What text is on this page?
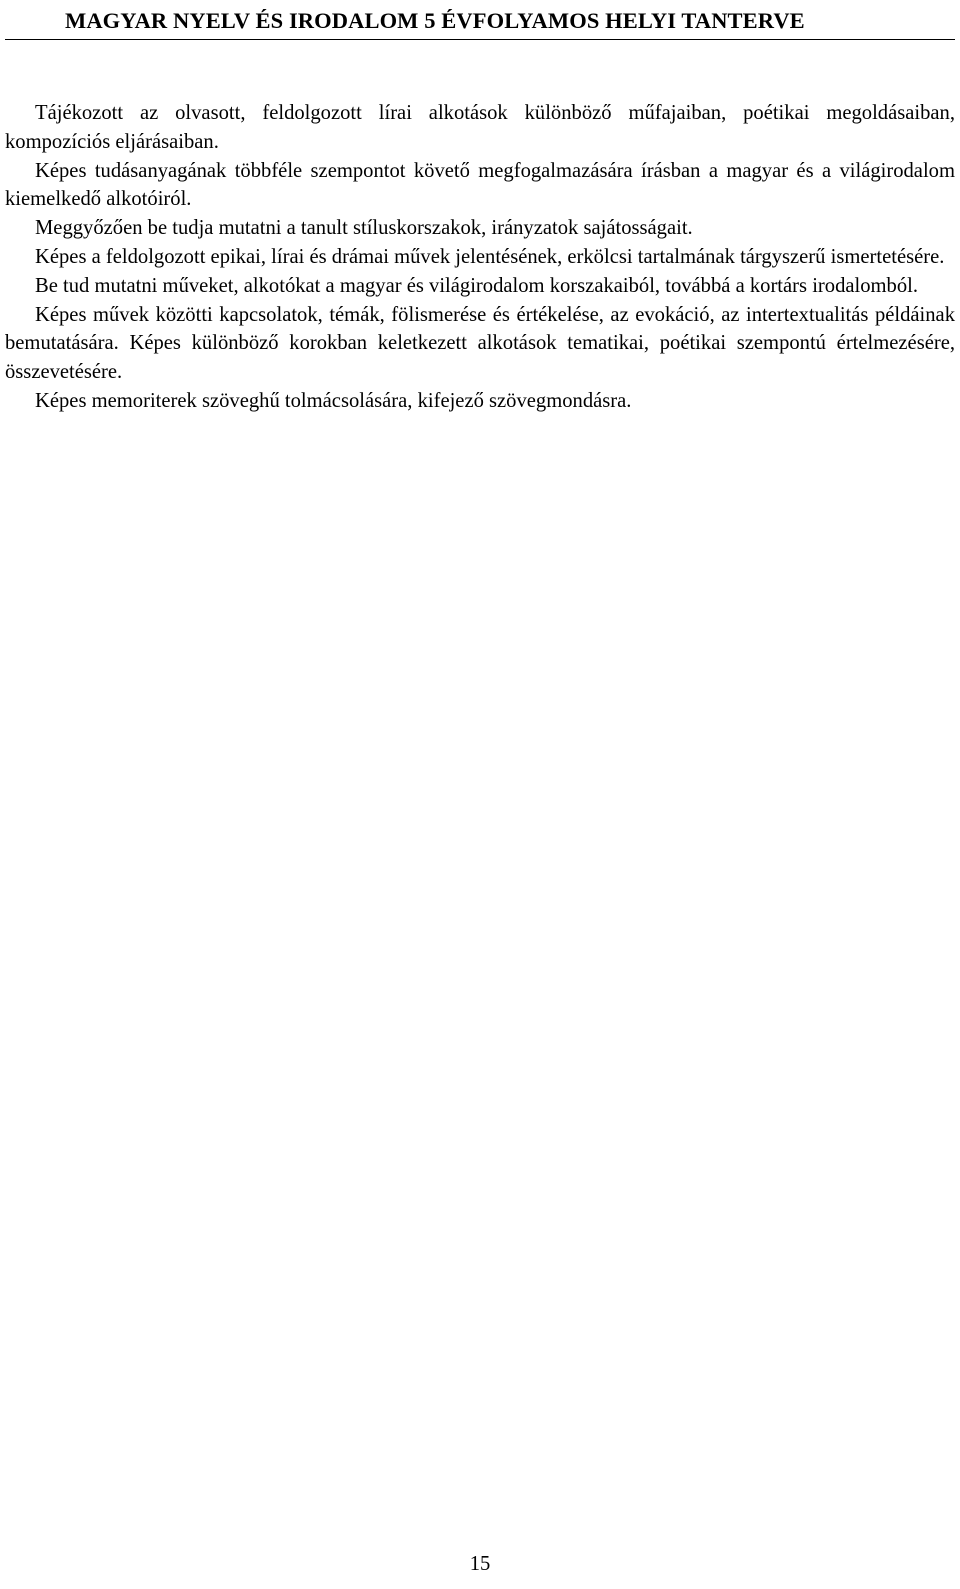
MAGYAR NYELV ÉS IRODALOM 5 ÉVFOLYAMOS HELYI TANTERVE

Tájékozott az olvasott, feldolgozott lírai alkotások különböző műfajaiban, poétikai megoldásaiban, kompozíciós eljárásaiban.

Képes tudásanyagának többféle szempontot követő megfogalmazására írásban a magyar és a világirodalom kiemelkedő alkotóiról.

Meggyőzően be tudja mutatni a tanult stíluskorszakok, irányzatok sajátosságait.

Képes a feldolgozott epikai, lírai és drámai művek jelentésének, erkölcsi tartalmának tárgyszerű ismertetésére.

Be tud mutatni műveket, alkotókat a magyar és világirodalom korszakaiból, továbbá a kortárs irodalomból.

Képes művek közötti kapcsolatok, témák, fölismerése és értékelése, az evokáció, az intertextualitás példáinak bemutatására. Képes különböző korokban keletkezett alkotások tematikai, poétikai szempontú értelmezésére, összevetésére.

Képes memoriterek szöveghű tolmácsolására, kifejező szövegmondásra.

15
